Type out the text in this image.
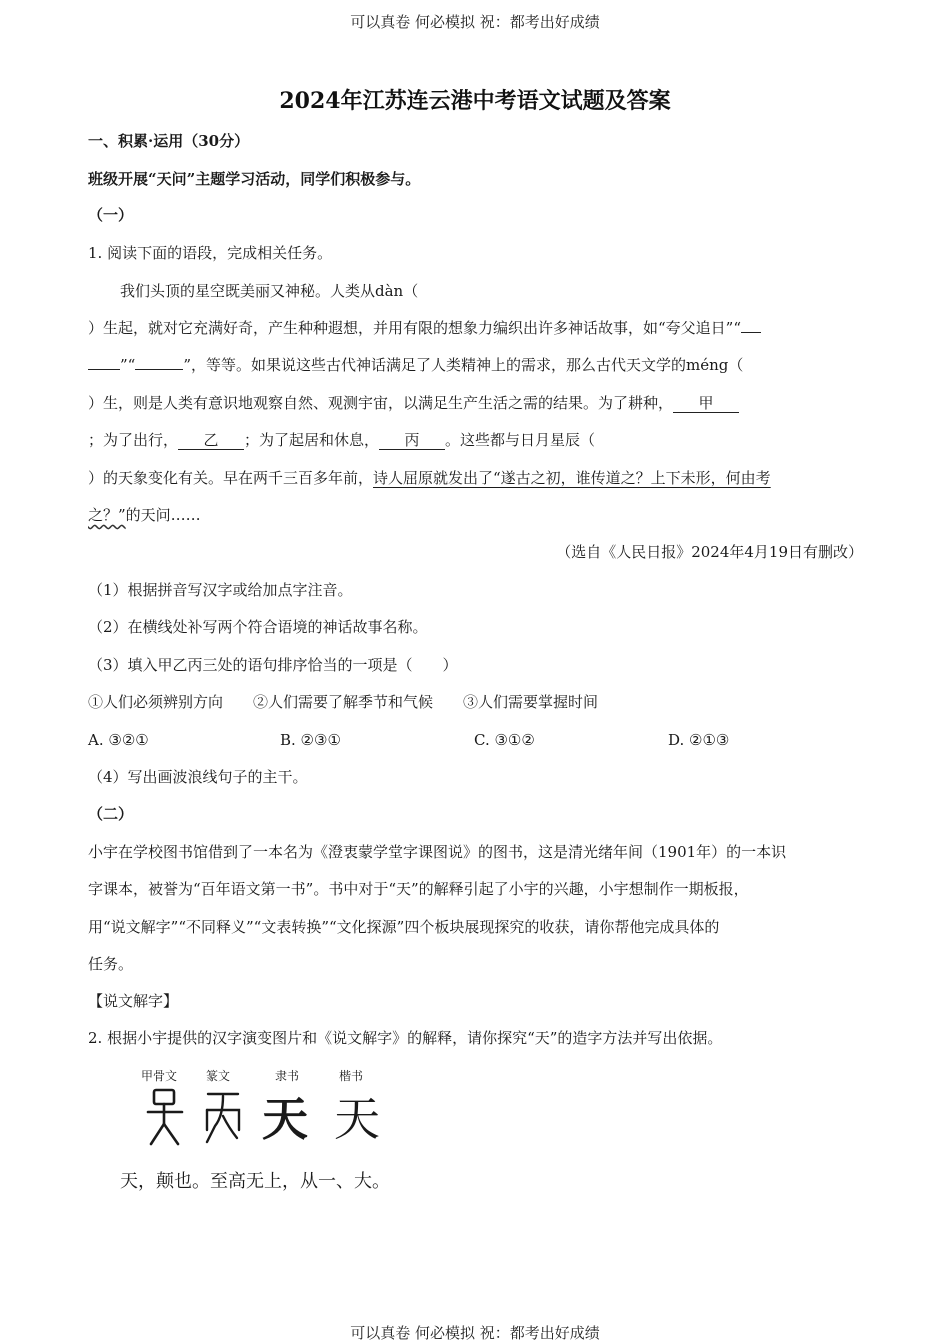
可以真卷 何必模拟 祝：都考出好成绩
2024年江苏连云港中考语文试题及答案
一、积累·运用（30分）
班级开展“天问”主题学习活动，同学们积极参与。
（一）
1. 阅读下面的语段，完成相关任务。
我们头顶的星空既美丽又神秘。人类从dàn（
）生起，就对它充满好奇，产生种种遐想，并用有限的想象力编织出许多神话故事，如“夸父追日”“
”“	”，等等。如果说这些古代神话满足了人类精神上的需求，那么古代天文学的méng（
）生，则是人类有意识地观察自然、观测宇宙，以满足生产生活之需的结果。为了耕种， 甲
；为了出行， 乙 ；为了起居和休息， 丙 。这些都与日月星辰（
）的天象变化有关。早在两千三百多年前，诗人屈原就发出了“遂古之初，谁传道之？上下未形，何由考
之？”的天问……
（选自《人民日报》2024年4月19日有删改）
（1）根据拼音写汉字或给加点字注音。
（2）在横线处补写两个符合语境的神话故事名称。
（3）填入甲乙丙三处的语句排序恰当的一项是（　　）
①人们必须辨别方向　　②人们需要了解季节和气候　　③人们需要掌握时间
A. ③②①	B. ②③①	C. ③①②	D. ②①③
（4）写出画波浪线句子的主干。
（二）
小宇在学校图书馆借到了一本名为《澄衷蒙学堂字课图说》的图书，这是清光绪年间（1901年）的一本识
字课本，被誉为“百年语文第一书”。书中对于“天”的解释引起了小宇的兴趣，小宇想制作一期板报，
用“说文解字”“不同释义”“文表转换”“文化探源”四个板块展现探究的收获，请你帮他完成具体的
任务。
【说文解字】
2. 根据小宇提供的汉字演变图片和《说文解字》的解释，请你探究“天”的造字方法并写出依据。
甲骨文 篆文	隶书	楷书
天 天
天，颠也。至高无上，从一、大。
可以真卷 何必模拟 祝：都考出好成绩
